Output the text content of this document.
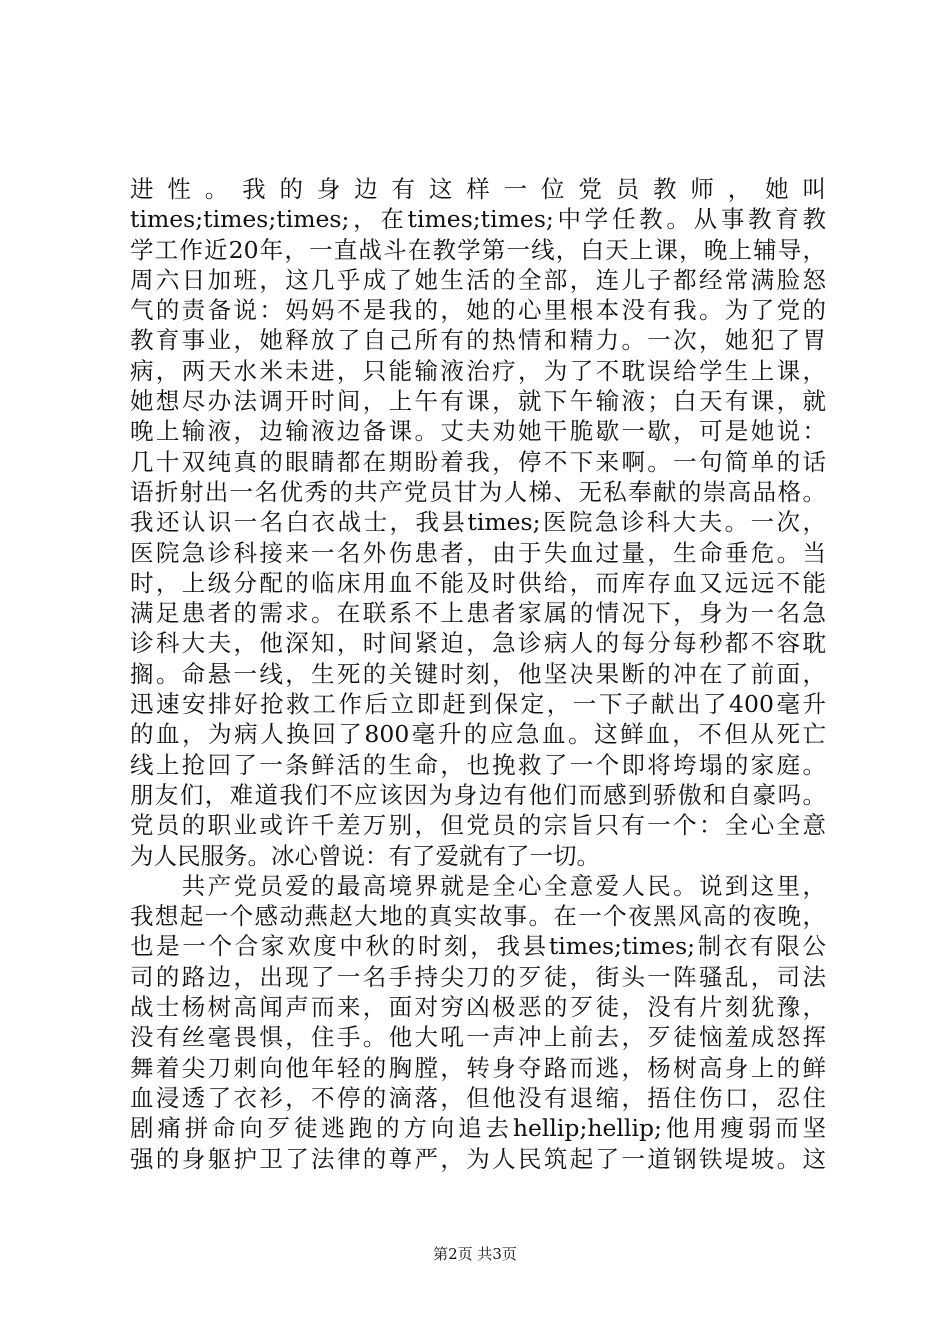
进性。我的身边有这样一位党员教师，她叫
times;times;times;，在times;times;中学任教。从事教育教
学工作近20年，一直战斗在教学第一线，白天上课，晚上辅导，
周六日加班，这几乎成了她生活的全部，连儿子都经常满脸怒
气的责备说：妈妈不是我的，她的心里根本没有我。为了党的
教育事业，她释放了自己所有的热情和精力。一次，她犯了胃
病，两天水米未进，只能输液治疗，为了不耽误给学生上课，
她想尽办法调开时间，上午有课，就下午输液；白天有课，就
晚上输液，边输液边备课。丈夫劝她干脆歇一歇，可是她说：
几十双纯真的眼睛都在期盼着我，停不下来啊。一句简单的话
语折射出一名优秀的共产党员甘为人梯、无私奉献的崇高品格。
我还认识一名白衣战士，我县times;医院急诊科大夫。一次，
医院急诊科接来一名外伤患者，由于失血过量，生命垂危。当
时，上级分配的临床用血不能及时供给，而库存血又远远不能
满足患者的需求。在联系不上患者家属的情况下，身为一名急
诊科大夫，他深知，时间紧迫，急诊病人的每分每秒都不容耽
搁。命悬一线，生死的关键时刻，他坚决果断的冲在了前面，
迅速安排好抢救工作后立即赶到保定，一下子献出了400毫升
的血，为病人换回了800毫升的应急血。这鲜血，不但从死亡
线上抢回了一条鲜活的生命，也挽救了一个即将垮塌的家庭。
朋友们，难道我们不应该因为身边有他们而感到骄傲和自豪吗。
党员的职业或许千差万别，但党员的宗旨只有一个：全心全意
为人民服务。冰心曾说：有了爱就有了一切。
　　共产党员爱的最高境界就是全心全意爱人民。说到这里，
我想起一个感动燕赵大地的真实故事。在一个夜黑风高的夜晚，
也是一个合家欢度中秋的时刻，我县times;times;制衣有限公
司的路边，出现了一名手持尖刀的歹徒，街头一阵骚乱，司法
战士杨树高闻声而来，面对穷凶极恶的歹徒，没有片刻犹豫，
没有丝毫畏惧，住手。他大吼一声冲上前去，歹徒恼羞成怒挥
舞着尖刀刺向他年轻的胸膛，转身夺路而逃，杨树高身上的鲜
血浸透了衣衫，不停的滴落，但他没有退缩，捂住伤口，忍住
剧痛拼命向歹徒逃跑的方向追去hellip;hellip;他用瘦弱而坚
强的身躯护卫了法律的尊严，为人民筑起了一道钢铁堤坡。这
第2页 共3页
